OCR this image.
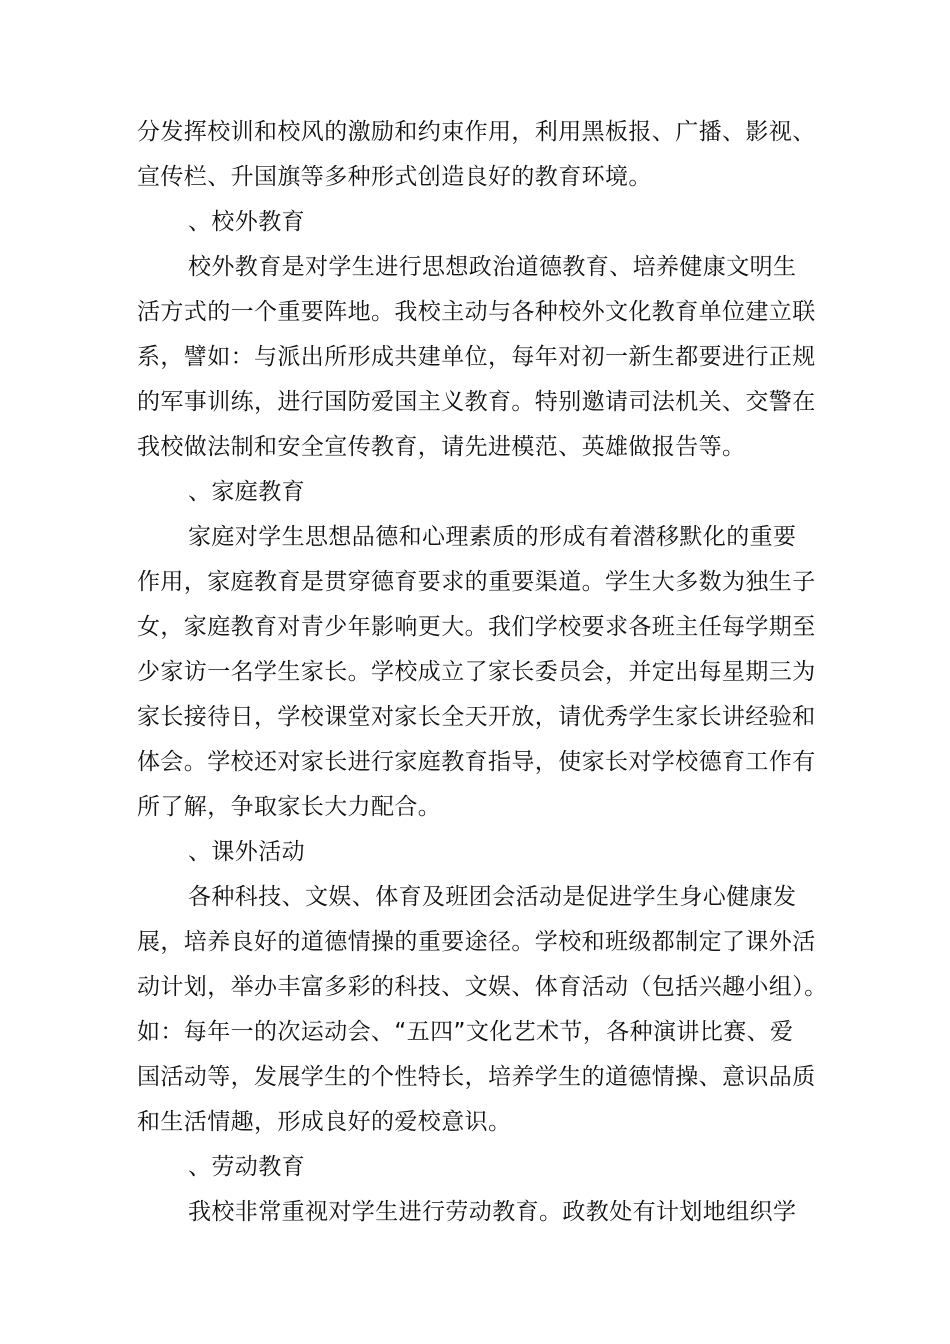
分发挥校训和校风的激励和约束作用，利用黑板报、广播、影视、
宣传栏、升国旗等多种形式创造良好的教育环境。
、校外教育
校外教育是对学生进行思想政治道德教育、培养健康文明生
活方式的一个重要阵地。我校主动与各种校外文化教育单位建立联
系，譬如：与派出所形成共建单位，每年对初一新生都要进行正规
的军事训练，进行国防爱国主义教育。特别邀请司法机关、交警在
我校做法制和安全宣传教育，请先进模范、英雄做报告等。
、家庭教育
家庭对学生思想品德和心理素质的形成有着潜移默化的重要
作用，家庭教育是贯穿德育要求的重要渠道。学生大多数为独生子
女，家庭教育对青少年影响更大。我们学校要求各班主任每学期至
少家访一名学生家长。学校成立了家长委员会，并定出每星期三为
家长接待日，学校课堂对家长全天开放，请优秀学生家长讲经验和
体会。学校还对家长进行家庭教育指导，使家长对学校德育工作有
所了解，争取家长大力配合。
、课外活动
各种科技、文娱、体育及班团会活动是促进学生身心健康发
展，培养良好的道德情操的重要途径。学校和班级都制定了课外活
动计划，举办丰富多彩的科技、文娱、体育活动（包括兴趣小组）。
如：每年一的次运动会、“五四”文化艺术节，各种演讲比赛、爱
国活动等，发展学生的个性特长，培养学生的道德情操、意识品质
和生活情趣，形成良好的爱校意识。
、劳动教育
我校非常重视对学生进行劳动教育。政教处有计划地组织学
